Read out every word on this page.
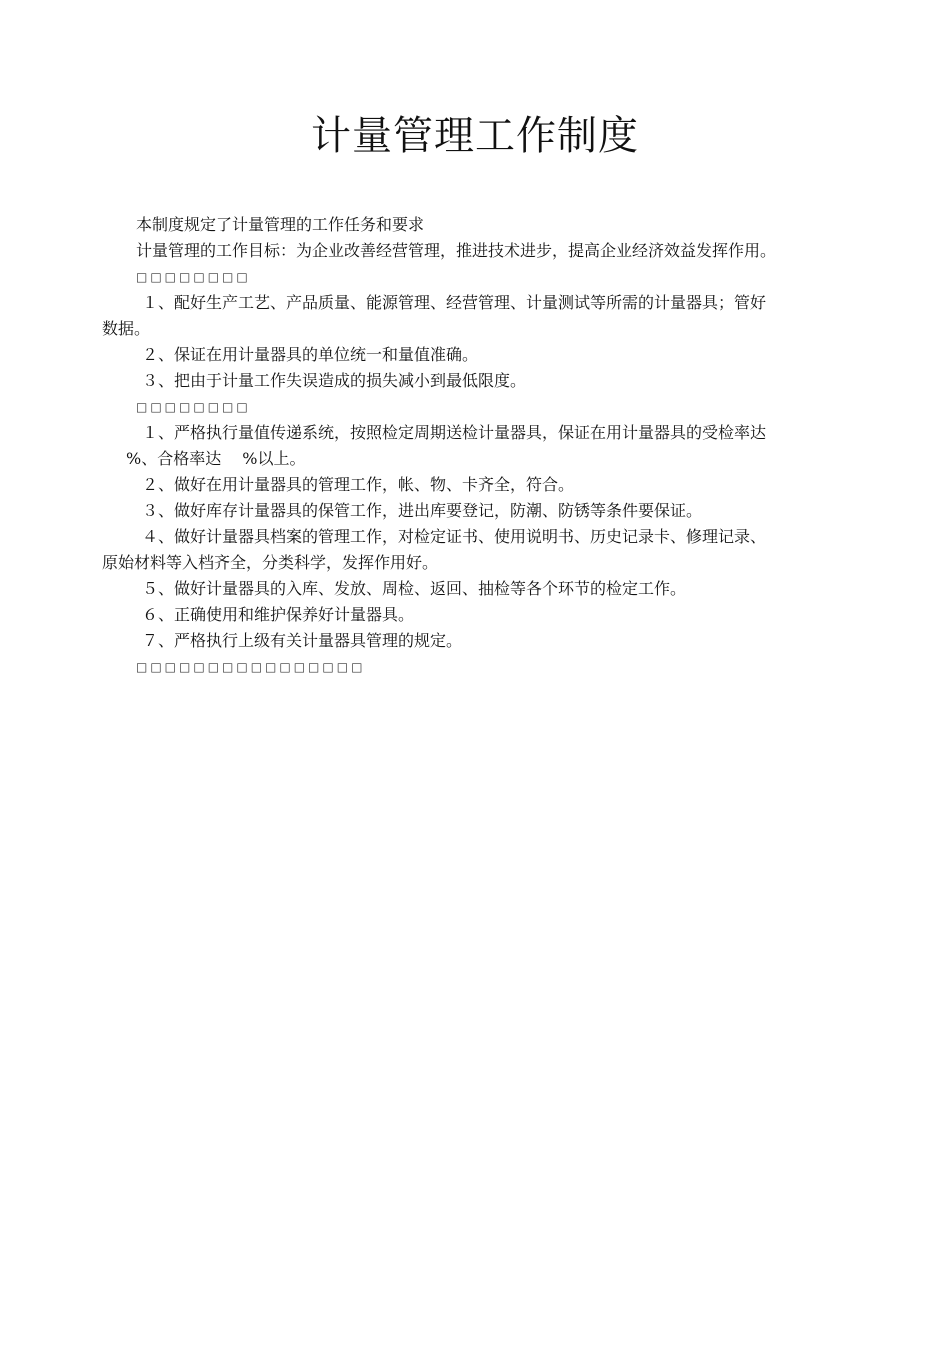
计量管理工作制度

本制度规定了计量管理的工作任务和要求

计量管理的工作目标：为企业改善经营管理，推进技术进步，提高企业经济效益发挥作用。

□□□□□□□□

１、配好生产工艺、产品质量、能源管理、经营管理、计量测试等所需的计量器具；管好
数据。

２、保证在用计量器具的单位统一和量值准确。

３、把由于计量工作失误造成的损失减小到最低限度。

□□□□□□□□

１、严格执行量值传递系统，按照检定周期送检计量器具，保证在用计量器具的受检率达
%、合格率达　 %以上。

２、做好在用计量器具的管理工作，帐、物、卡齐全，符合。

３、做好库存计量器具的保管工作，进出库要登记，防潮、防锈等条件要保证。

４、做好计量器具档案的管理工作，对检定证书、使用说明书、历史记录卡、修理记录、
原始材料等入档齐全，分类科学，发挥作用好。

５、做好计量器具的入库、发放、周检、返回、抽检等各个环节的检定工作。

６、正确使用和维护保养好计量器具。

７、严格执行上级有关计量器具管理的规定。

□□□□□□□□□□□□□□□□
